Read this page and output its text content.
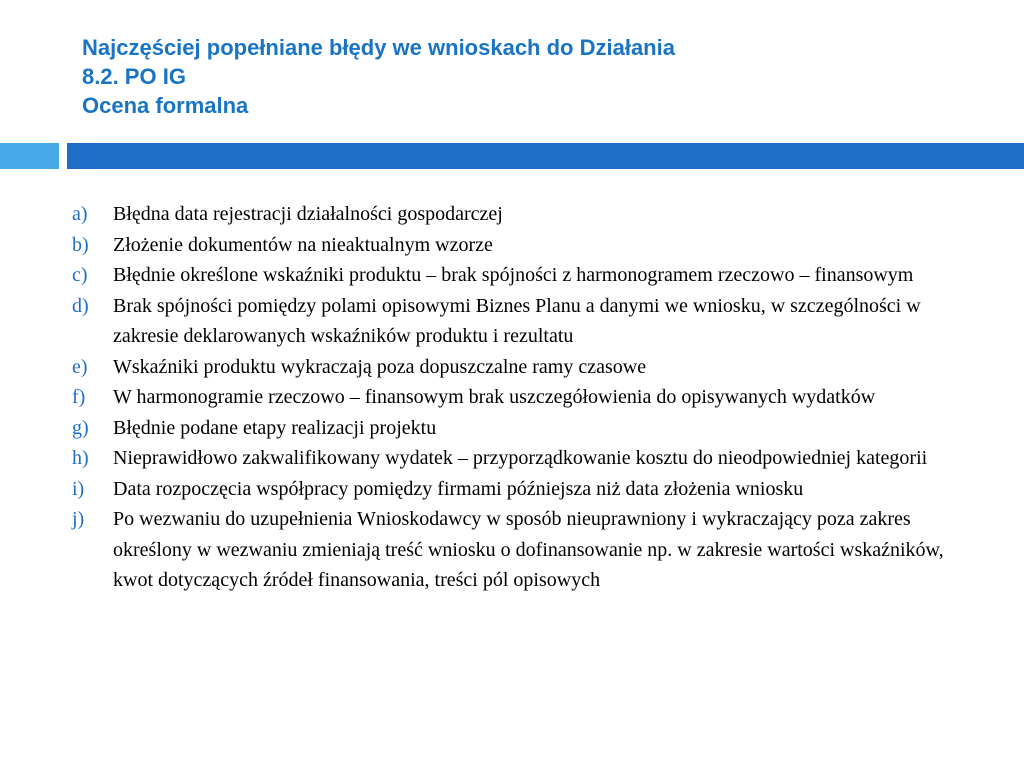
Najczęściej popełniane błędy we wnioskach do Działania
8.2. PO IG
Ocena formalna
a) Błędna data rejestracji działalności gospodarczej
b) Złożenie dokumentów na nieaktualnym wzorze
c) Błędnie określone wskaźniki produktu – brak spójności z harmonogramem rzeczowo – finansowym
d) Brak spójności pomiędzy polami opisowymi Biznes Planu a danymi we wniosku, w szczególności w zakresie deklarowanych wskaźników produktu i rezultatu
e) Wskaźniki produktu wykraczają poza dopuszczalne ramy czasowe
f) W harmonogramie rzeczowo – finansowym brak uszczegółowienia do opisywanych wydatków
g) Błędnie podane etapy realizacji projektu
h) Nieprawidłowo zakwalifikowany wydatek – przyporządkowanie kosztu do nieodpowiedniej kategorii
i) Data rozpoczęcia współpracy pomiędzy firmami późniejsza niż data złożenia wniosku
j) Po wezwaniu do uzupełnienia Wnioskodawcy w sposób nieuprawniony i wykraczający poza zakres określony w wezwaniu zmieniają treść wniosku o dofinansowanie np. w zakresie wartości wskaźników, kwot dotyczących źródeł finansowania, treści pól opisowych
